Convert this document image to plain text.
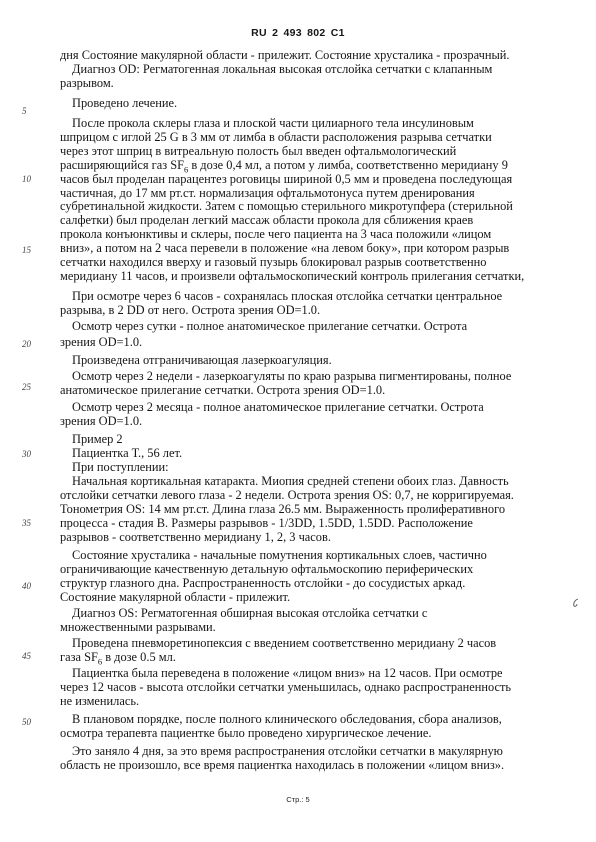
RU 2 493 802 C1
дня Состояние макулярной области - прилежит. Состояние хрусталика - прозрачный.
Диагноз OD: Регматогенная локальная высокая отслойка сетчатки с клапанным
разрывом.
Проведено лечение.
После прокола склеры глаза и плоской части цилиарного тела инсулиновым
шприцом с иглой 25 G в 3 мм от лимба в области расположения разрыва сетчатки
через этот шприц в витреальную полость был введен офтальмологический
расширяющийся газ $SF_6$ в дозе 0,4 мл, а потом у лимба, соответственно меридиану 9
часов был проделан парацентез роговицы шириной 0,5 мм и проведена последующая
частичная, до 17 мм рт.ст. нормализация офтальмотонуса путем дренирования
субретинальной жидкости. Затем с помощью стерильного микротупфера (стерильной
салфетки) был проделан легкий массаж области прокола для сближения краев
прокола конъюнктивы и склеры, после чего пациента на 3 часа положили «лицом
вниз», а потом на 2 часа перевели в положение «на левом боку», при котором разрыв
сетчатки находился вверху и газовый пузырь блокировал разрыв соответственно
меридиану 11 часов, и произвели офтальмоскопический контроль прилегания сетчатки,
При осмотре через 6 часов - сохранялась плоская отслойка сетчатки центральное
разрыва, в 2 DD от него. Острота зрения OD=1.0.
Осмотр через сутки - полное анатомическое прилегание сетчатки. Острота
зрения OD=1.0.
Произведена отграничивающая лазеркоагуляция.
Осмотр через 2 недели - лазеркоагуляты по краю разрыва пигментированы, полное
анатомическое прилегание сетчатки. Острота зрения OD=1.0.
Осмотр через 2 месяца - полное анатомическое прилегание сетчатки. Острота
зрения OD=1.0.
Пример 2
Пациентка Т., 56 лет.
При поступлении:
Начальная кортикальная катаракта. Миопия средней степени обоих глаз. Давность
отслойки сетчатки левого глаза - 2 недели. Острота зрения OS: 0,7, не корригируемая.
Тонометрия OS: 14 мм рт.ст. Длина глаза 26.5 мм. Выраженность пролиферативного
процесса - стадия B. Размеры разрывов - 1/3DD, 1.5DD, 1.5DD. Расположение
разрывов - соответственно меридиану 1, 2, 3 часов.
Состояние хрусталика - начальные помутнения кортикальных слоев, частично
ограничивающие качественную детальную офтальмоскопию периферических
структур глазного дна. Распространенность отслойки - до сосудистых аркад.
Состояние макулярной области - прилежит.
Диагноз OS: Регматогенная обширная высокая отслойка сетчатки с
множественными разрывами.
Проведена пневморетинопексия с введением соответственно меридиану 2 часов
газа $SF_6$ в дозе 0.5 мл.
Пациентка была переведена в положение «лицом вниз» на 12 часов. При осмотре
через 12 часов - высота отслойки сетчатки уменьшилась, однако распространенность
не изменилась.
В плановом порядке, после полного клинического обследования, сбора анализов,
осмотра терапевта пациентке было проведено хирургическое лечение.
Это заняло 4 дня, за это время распространения отслойки сетчатки в макулярную
область не произошло, все время пациентка находилась в положении «лицом вниз».
5
10
15
20
25
30
35
40
45
50
Стр.: 5
